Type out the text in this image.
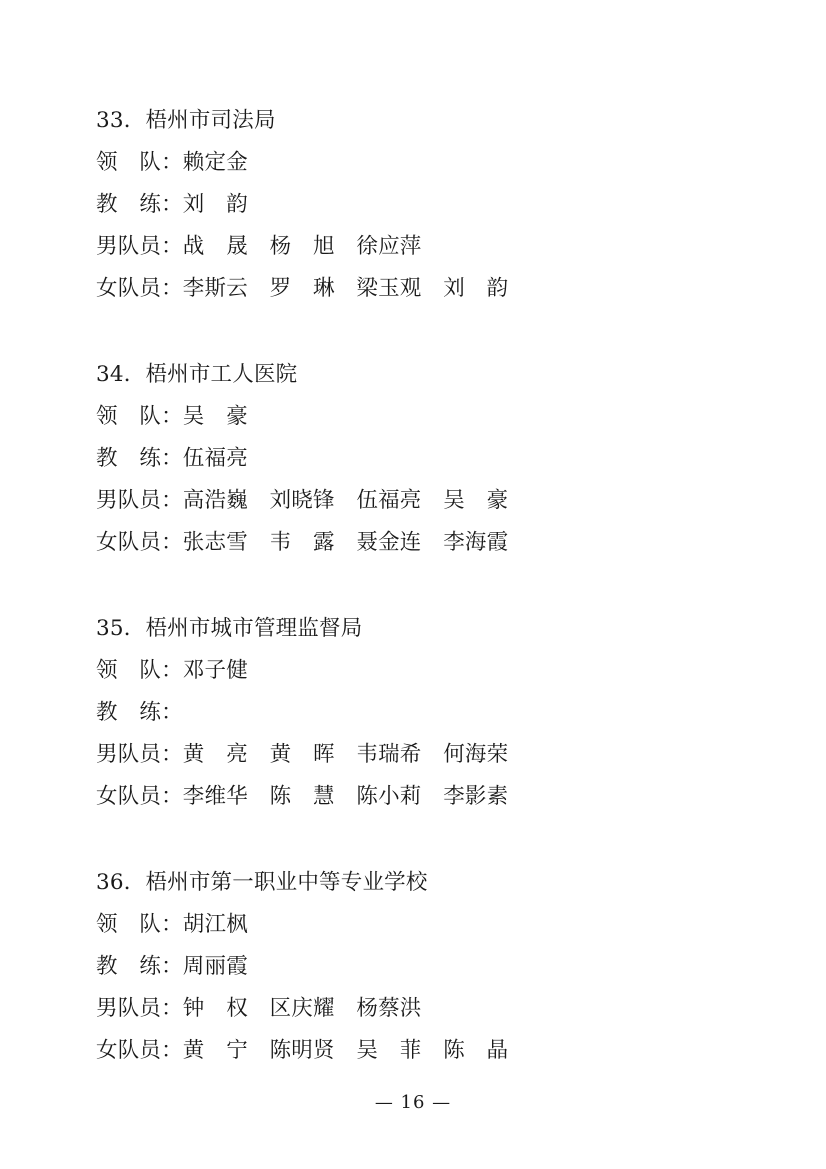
33．梧州市司法局
领　队：赖定金
教　练：刘　韵
男队员：战　晟　杨　旭　徐应萍
女队员：李斯云　罗　琳　梁玉观　刘　韵
34．梧州市工人医院
领　队：吴　豪
教　练：伍福亮
男队员：高浩巍　刘晓锋　伍福亮　吴　豪
女队员：张志雪　韦　露　聂金连　李海霞
35．梧州市城市管理监督局
领　队：邓子健
教　练：
男队员：黄　亮　黄　晖　韦瑞希　何海荣
女队员：李维华　陈　慧　陈小莉　李影素
36．梧州市第一职业中等专业学校
领　队：胡江枫
教　练：周丽霞
男队员：钟　权　区庆耀　杨蔡洪
女队员：黄　宁　陈明贤　吴　菲　陈　晶
— 16 —
